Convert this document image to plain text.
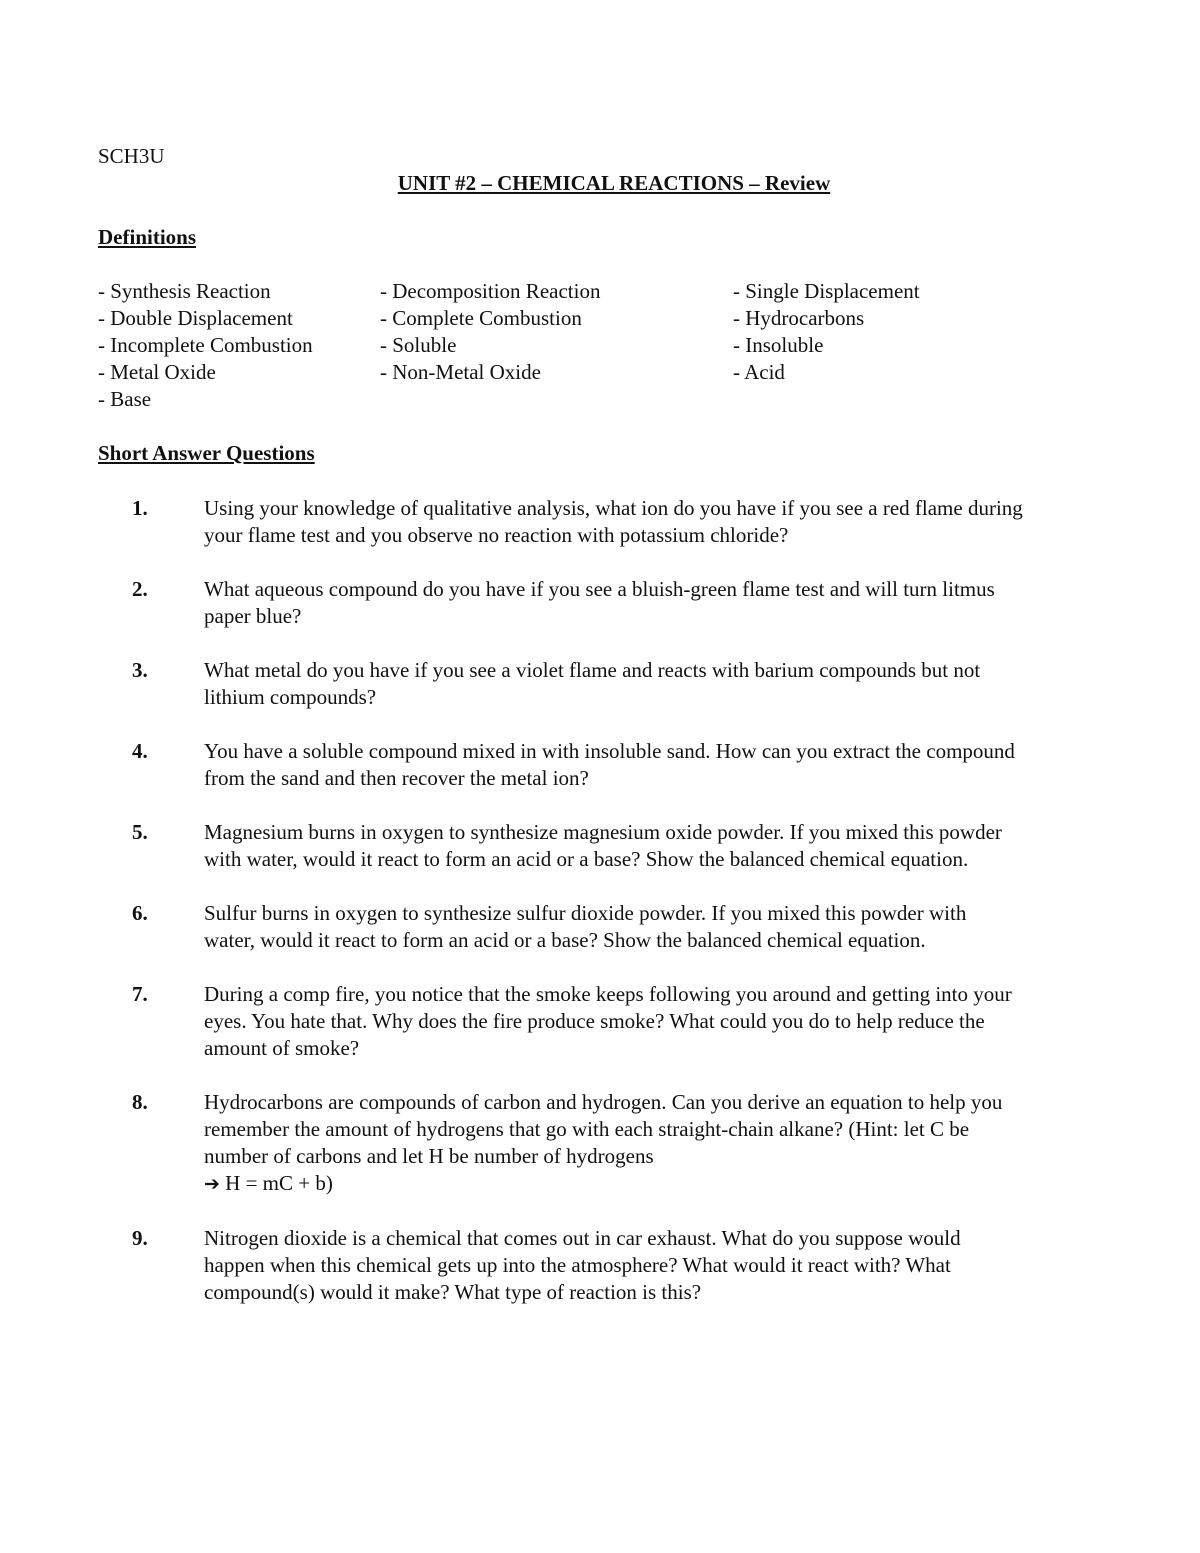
SCH3U
UNIT #2 – CHEMICAL REACTIONS – Review
Definitions
- Synthesis Reaction	- Decomposition Reaction	- Single Displacement
- Double Displacement	- Complete Combustion	- Hydrocarbons
- Incomplete Combustion	- Soluble	- Insoluble
- Metal Oxide	- Non-Metal Oxide	- Acid
- Base
Short Answer Questions
1.	Using your knowledge of qualitative analysis, what ion do you have if you see a red flame during
your flame test and you observe no reaction with potassium chloride?
2.	What aqueous compound do you have if you see a bluish-green flame test and will turn litmus
paper blue?
3.	What metal do you have if you see a violet flame and reacts with barium compounds but not
lithium compounds?
4.	You have a soluble compound mixed in with insoluble sand. How can you extract the compound
from the sand and then recover the metal ion?
5.	Magnesium burns in oxygen to synthesize magnesium oxide powder. If you mixed this powder
with water, would it react to form an acid or a base? Show the balanced chemical equation.
6.	Sulfur burns in oxygen to synthesize sulfur dioxide powder. If you mixed this powder with
water, would it react to form an acid or a base? Show the balanced chemical equation.
7.	During a comp fire, you notice that the smoke keeps following you around and getting into your
eyes. You hate that. Why does the fire produce smoke? What could you do to help reduce the
amount of smoke?
8.	Hydrocarbons are compounds of carbon and hydrogen. Can you derive an equation to help you
remember the amount of hydrogens that go with each straight-chain alkane? (Hint: let C be
number of carbons and let H be number of hydrogens
➔ H = mC + b)
9.	Nitrogen dioxide is a chemical that comes out in car exhaust. What do you suppose would
happen when this chemical gets up into the atmosphere? What would it react with? What
compound(s) would it make? What type of reaction is this?
